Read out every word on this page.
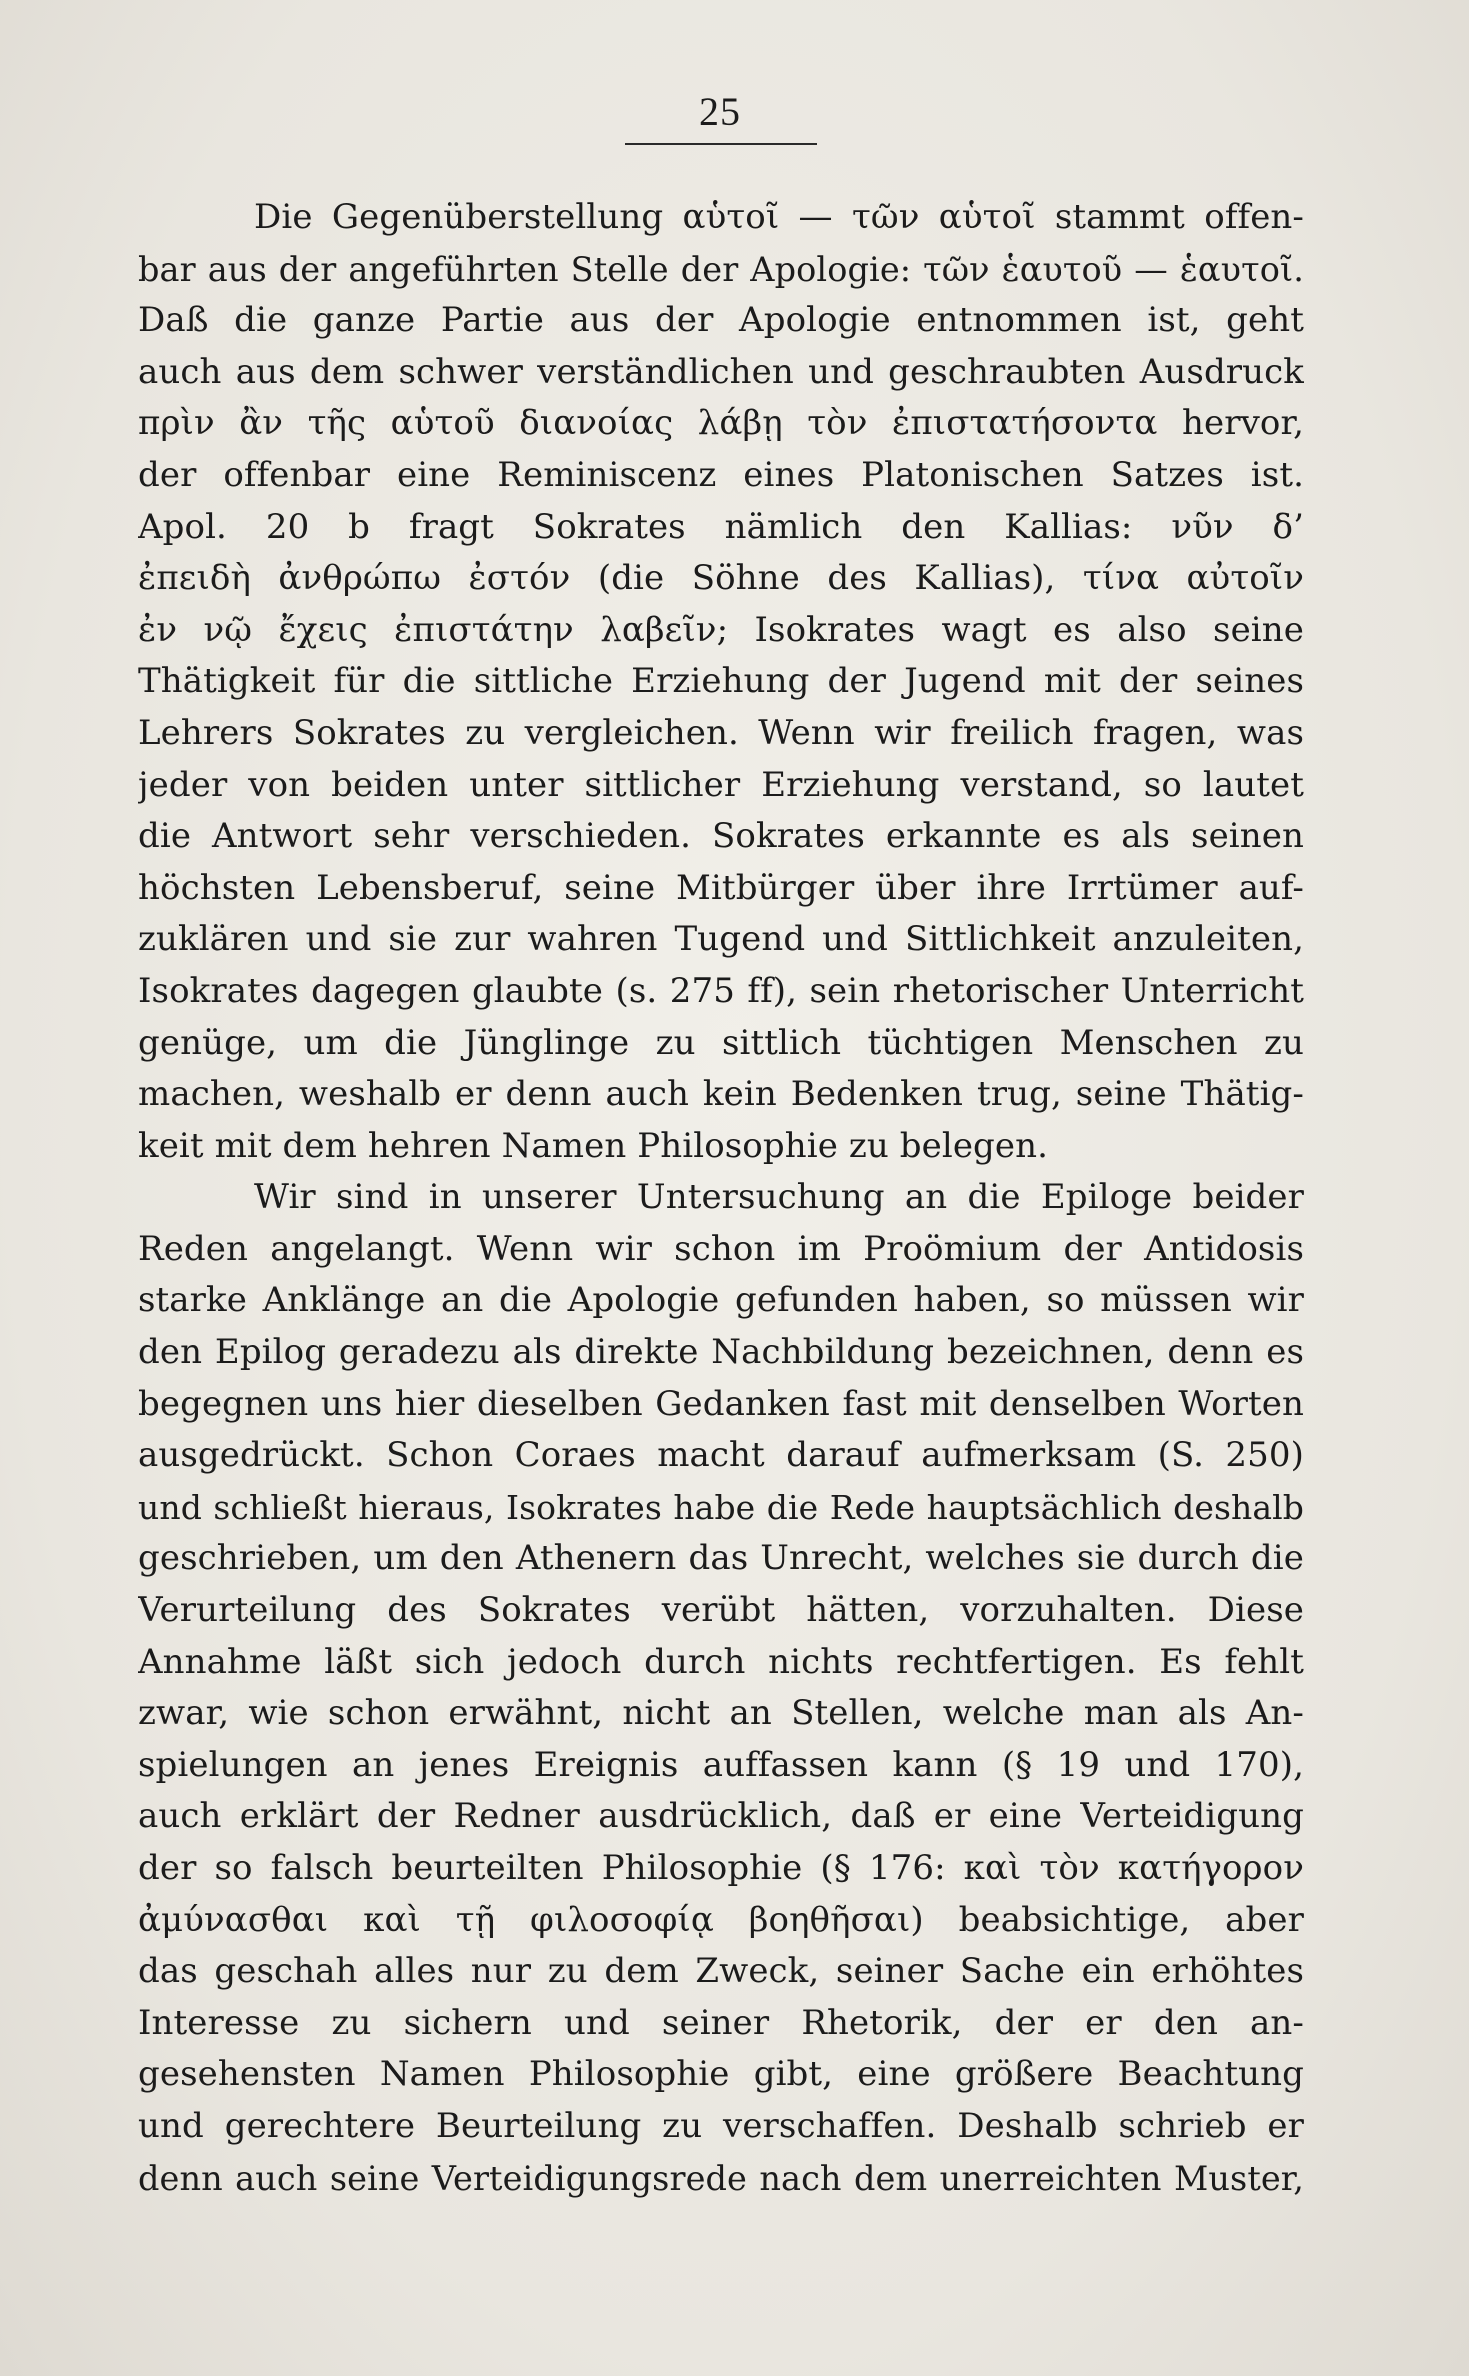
25
Die Gegenüberstellung αὑτοῖ — τῶν αὑτοῖ stammt offen-
bar aus der angeführten Stelle der Apologie: τῶν ἑαυτοῦ — ἑαυτοῖ.
Daß die ganze Partie aus der Apologie entnommen ist, geht
auch aus dem schwer verständlichen und geschraubten Ausdruck
πρὶν ἂν τῆς αὑτοῦ διανοίας λάβῃ τὸν ἐπιστατήσοντα hervor,
der offenbar eine Reminiscenz eines Platonischen Satzes ist.
Apol. 20 b fragt Sokrates nämlich den Kallias: νῦν δ’
ἐπειδὴ ἀνθρώπω ἐστόν (die Söhne des Kallias), τίνα αὐτοῖν
ἐν νῷ ἔχεις ἐπιστάτην λαβεῖν; Isokrates wagt es also seine
Thätigkeit für die sittliche Erziehung der Jugend mit der seines
Lehrers Sokrates zu vergleichen. Wenn wir freilich fragen, was
jeder von beiden unter sittlicher Erziehung verstand, so lautet
die Antwort sehr verschieden. Sokrates erkannte es als seinen
höchsten Lebensberuf, seine Mitbürger über ihre Irrtümer auf-
zuklären und sie zur wahren Tugend und Sittlichkeit anzuleiten,
Isokrates dagegen glaubte (s. 275 ff), sein rhetorischer Unterricht
genüge, um die Jünglinge zu sittlich tüchtigen Menschen zu
machen, weshalb er denn auch kein Bedenken trug, seine Thätig-
keit mit dem hehren Namen Philosophie zu belegen.
Wir sind in unserer Untersuchung an die Epiloge beider
Reden angelangt. Wenn wir schon im Proömium der Antidosis
starke Anklänge an die Apologie gefunden haben, so müssen wir
den Epilog geradezu als direkte Nachbildung bezeichnen, denn es
begegnen uns hier dieselben Gedanken fast mit denselben Worten
ausgedrückt. Schon Coraes macht darauf aufmerksam (S. 250)
und schließt hieraus, Isokrates habe die Rede hauptsächlich deshalb
geschrieben, um den Athenern das Unrecht, welches sie durch die
Verurteilung des Sokrates verübt hätten, vorzuhalten. Diese
Annahme läßt sich jedoch durch nichts rechtfertigen. Es fehlt
zwar, wie schon erwähnt, nicht an Stellen, welche man als An-
spielungen an jenes Ereignis auffassen kann (§ 19 und 170),
auch erklärt der Redner ausdrücklich, daß er eine Verteidigung
der so falsch beurteilten Philosophie (§ 176: καὶ τὸν κατήγορον
ἀμύνασθαι καὶ τῇ φιλοσοφίᾳ βοηθῆσαι) beabsichtige, aber
das geschah alles nur zu dem Zweck, seiner Sache ein erhöhtes
Interesse zu sichern und seiner Rhetorik, der er den an-
gesehensten Namen Philosophie gibt, eine größere Beachtung
und gerechtere Beurteilung zu verschaffen. Deshalb schrieb er
denn auch seine Verteidigungsrede nach dem unerreichten Muster,
